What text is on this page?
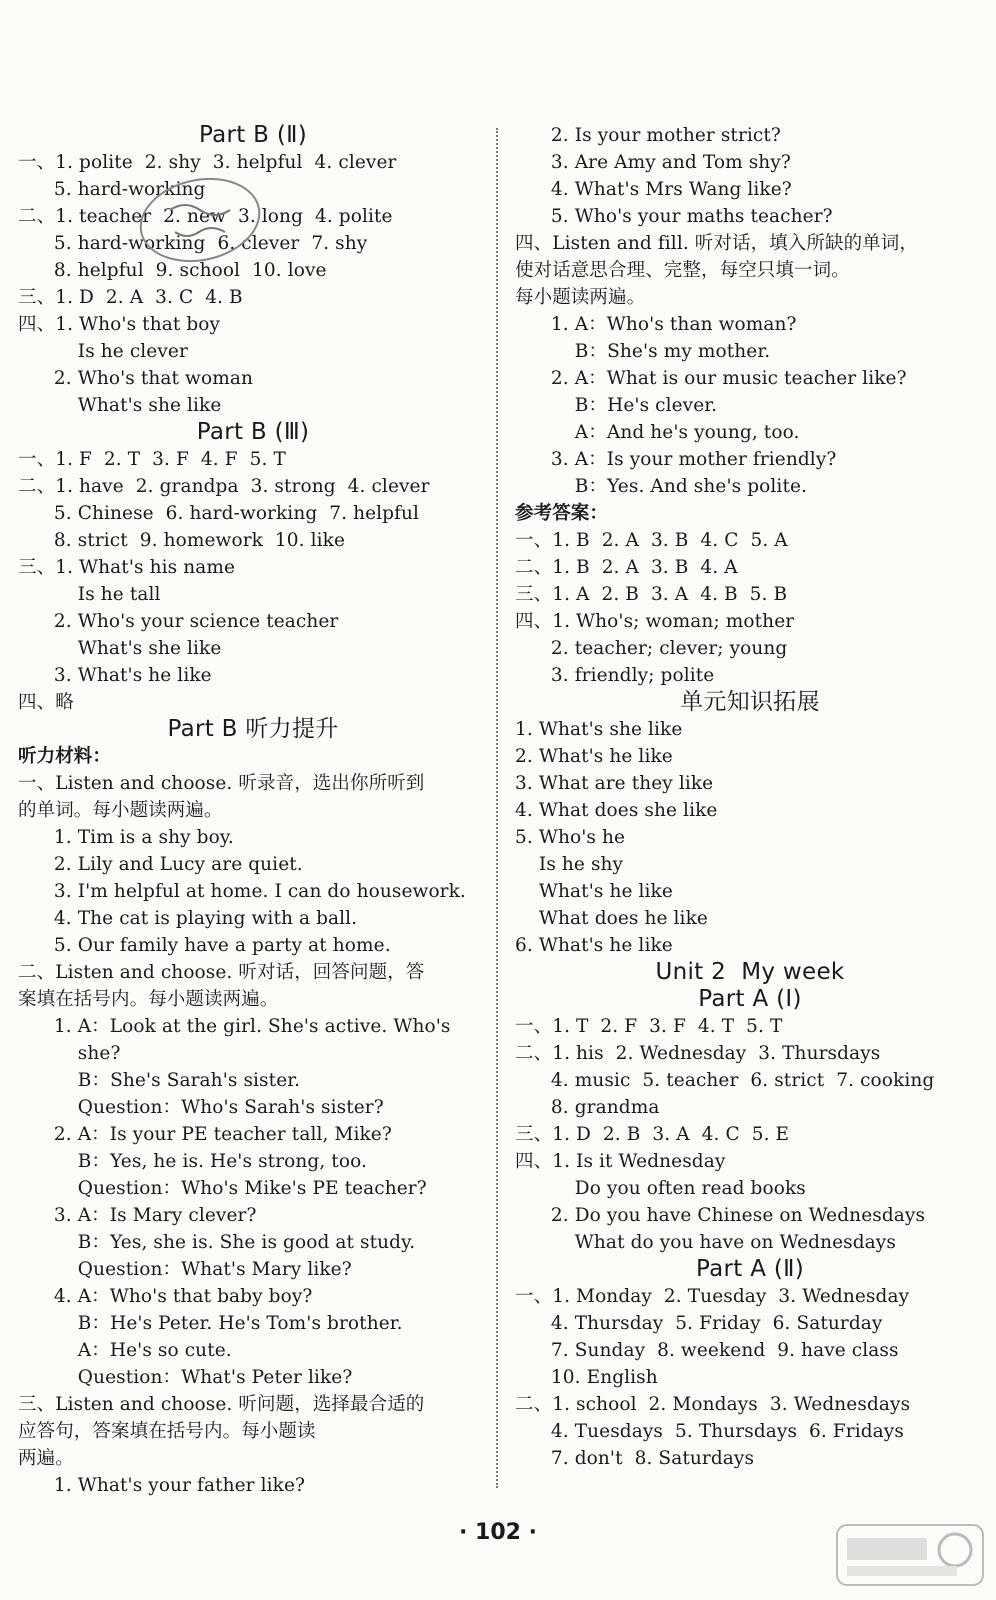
Part B (Ⅱ)
一、1. polite  2. shy  3. helpful  4. clever
5. hard-working
二、1. teacher  2. new  3. long  4. polite
5. hard-working  6. clever  7. shy
8. helpful  9. school  10. love
三、1. D  2. A  3. C  4. B
四、1. Who's that boy
Is he clever
2. Who's that woman
What's she like
Part B (Ⅲ)
一、1. F  2. T  3. F  4. F  5. T
二、1. have  2. grandpa  3. strong  4. clever
5. Chinese  6. hard-working  7. helpful
8. strict  9. homework  10. like
三、1. What's his name
Is he tall
2. Who's your science teacher
What's she like
3. What's he like
四、略
Part B 听力提升
听力材料：
一、Listen and choose. 听录音，选出你所听到
的单词。每小题读两遍。
1. Tim is a shy boy.
2. Lily and Lucy are quiet.
3. I'm helpful at home. I can do housework.
4. The cat is playing with a ball.
5. Our family have a party at home.
二、Listen and choose. 听对话，回答问题，答
案填在括号内。每小题读两遍。
1. A：Look at the girl. She's active. Who's
she?
B：She's Sarah's sister.
Question：Who's Sarah's sister?
2. A：Is your PE teacher tall, Mike?
B：Yes, he is. He's strong, too.
Question：Who's Mike's PE teacher?
3. A：Is Mary clever?
B：Yes, she is. She is good at study.
Question：What's Mary like?
4. A：Who's that baby boy?
B：He's Peter. He's Tom's brother.
A：He's so cute.
Question：What's Peter like?
三、Listen and choose. 听问题，选择最合适的
应答句，答案填在括号内。每小题读
两遍。
1. What's your father like?
2. Is your mother strict?
3. Are Amy and Tom shy?
4. What's Mrs Wang like?
5. Who's your maths teacher?
四、Listen and fill. 听对话，填入所缺的单词，
使对话意思合理、完整，每空只填一词。
每小题读两遍。
1. A：Who's than woman?
B：She's my mother.
2. A：What is our music teacher like?
B：He's clever.
A：And he's young, too.
3. A：Is your mother friendly?
B：Yes. And she's polite.
参考答案：
一、1. B  2. A  3. B  4. C  5. A
二、1. B  2. A  3. B  4. A
三、1. A  2. B  3. A  4. B  5. B
四、1. Who's; woman; mother
2. teacher; clever; young
3. friendly; polite
单元知识拓展
1. What's she like
2. What's he like
3. What are they like
4. What does she like
5. Who's he
Is he shy
What's he like
What does he like
6. What's he like
Unit 2  My week
Part A (Ⅰ)
一、1. T  2. F  3. F  4. T  5. T
二、1. his  2. Wednesday  3. Thursdays
4. music  5. teacher  6. strict  7. cooking
8. grandma
三、1. D  2. B  3. A  4. C  5. E
四、1. Is it Wednesday
Do you often read books
2. Do you have Chinese on Wednesdays
What do you have on Wednesdays
Part A (Ⅱ)
一、1. Monday  2. Tuesday  3. Wednesday
4. Thursday  5. Friday  6. Saturday
7. Sunday  8. weekend  9. have class
10. English
二、1. school  2. Mondays  3. Wednesdays
4. Tuesdays  5. Thursdays  6. Fridays
7. don't  8. Saturdays
· 102 ·
